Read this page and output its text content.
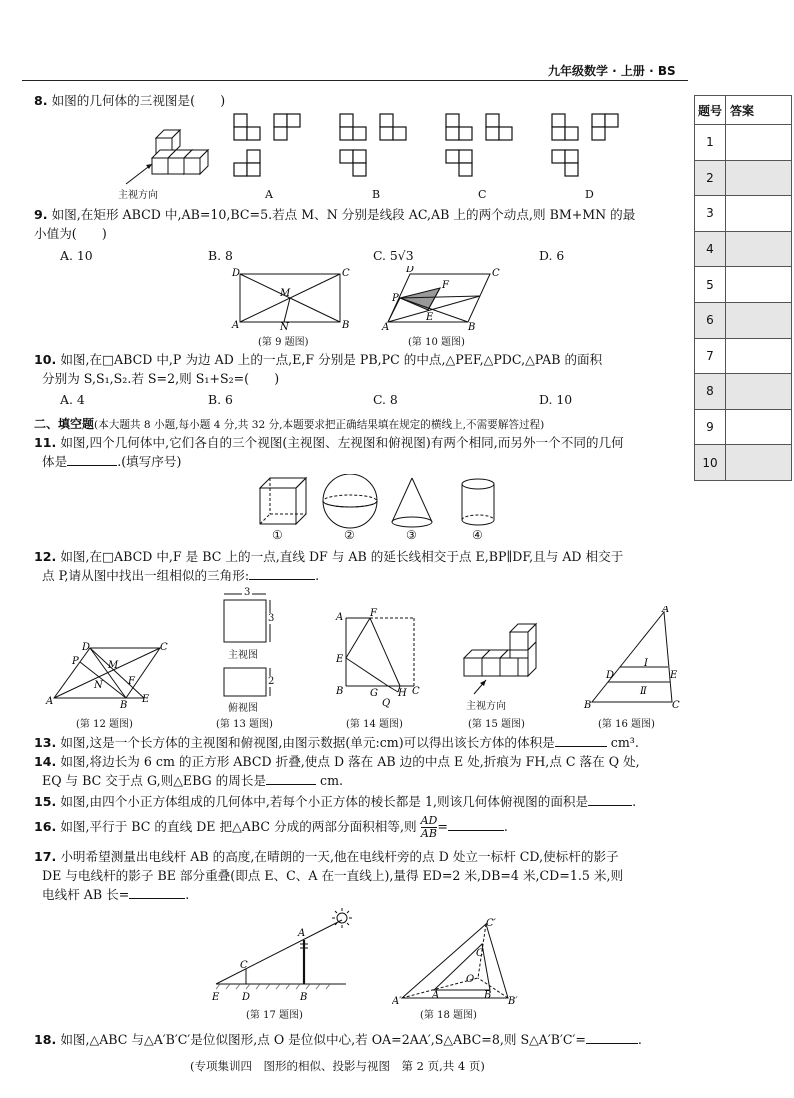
九年级数学 · 上册 · BS
题号	答案
1	
2	
3	
4	
5	
6	
7	
8	
9	
10	
8. 如图的几何体的三视图是(　　)
主视方向	A	B	C	D
9. 如图,在矩形 ABCD 中,AB=10,BC=5.若点 M、N 分别是线段 AC,AB 上的两个动点,则 BM+MN 的最
小值为(　　)
A. 10	B. 8	C. 5√3	D. 6
D	C
A	B
M
N
(第 9 题图)
D	C
P
F
E
A	B
(第 10 题图)
10. 如图,在□ABCD 中,P 为边 AD 上的一点,E,F 分别是 PB,PC 的中点,△PEF,△PDC,△PAB 的面积
分别为 S,S₁,S₂.若 S=2,则 S₁+S₂=(　　)
A. 4	B. 6	C. 8	D. 10
二、填空题(本大题共 8 小题,每小题 4 分,共 32 分,本题要求把正确结果填在规定的横线上,不需要解答过程)
11. 如图,四个几何体中,它们各自的三个视图(主视图、左视图和俯视图)有两个相同,而另外一个不同的几何
体是	.(填写序号)
①	②	③	④
12. 如图,在□ABCD 中,F 是 BC 上的一点,直线 DF 与 AB 的延长线相交于点 E,BP∥DF,且与 AD 相交于
点 P,请从图中找出一组相似的三角形:	.
D	C
P	M
N	F
A	B
E
(第 12 题图)
3
3
2
主视图
俯视图
(第 13 题图)
A	F
E
B	G H C
Q
(第 14 题图)
主视方向
(第 15 题图)
A
D	E
B	C
Ⅰ
Ⅱ
(第 16 题图)
13. 如图,这是一个长方体的主视图和俯视图,由图示数据(单元:cm)可以得出该长方体的体积是	cm³.
14. 如图,将边长为 6 cm 的正方形 ABCD 折叠,使点 D 落在 AB 边的中点 E 处,折痕为 FH,点 C 落在 Q 处,
EQ 与 BC 交于点 G,则△EBG 的周长是	cm.
15. 如图,由四个小正方体组成的几何体中,若每个小正方体的棱长都是 1,则该几何体俯视图的面积是	.
16. 如图,平行于 BC 的直线 DE 把△ABC 分成的两部分面积相等,则 $\frac{AD}{AB}$ =	.
17. 小明希望测量出电线杆 AB 的高度,在晴朗的一天,他在电线杆旁的点 D 处立一标杆 CD,使标杆的影子
DE 与电线杆的影子 BE 部分重叠(即点 E、C、A 在一直线上),量得 ED=2 米,DB=4 米,CD=1.5 米,则
电线杆 AB 长=	.
A
C
E D	B
(第 17 题图)
C′
C
O
A	B
A′	B′
(第 18 题图)
18. 如图,△ABC 与△A′B′C′是位似图形,点 O 是位似中心,若 OA=2AA′,S△ABC=8,则 S△A′B′C′=	.
(专项集训四　图形的相似、投影与视图　第 2 页,共 4 页)
